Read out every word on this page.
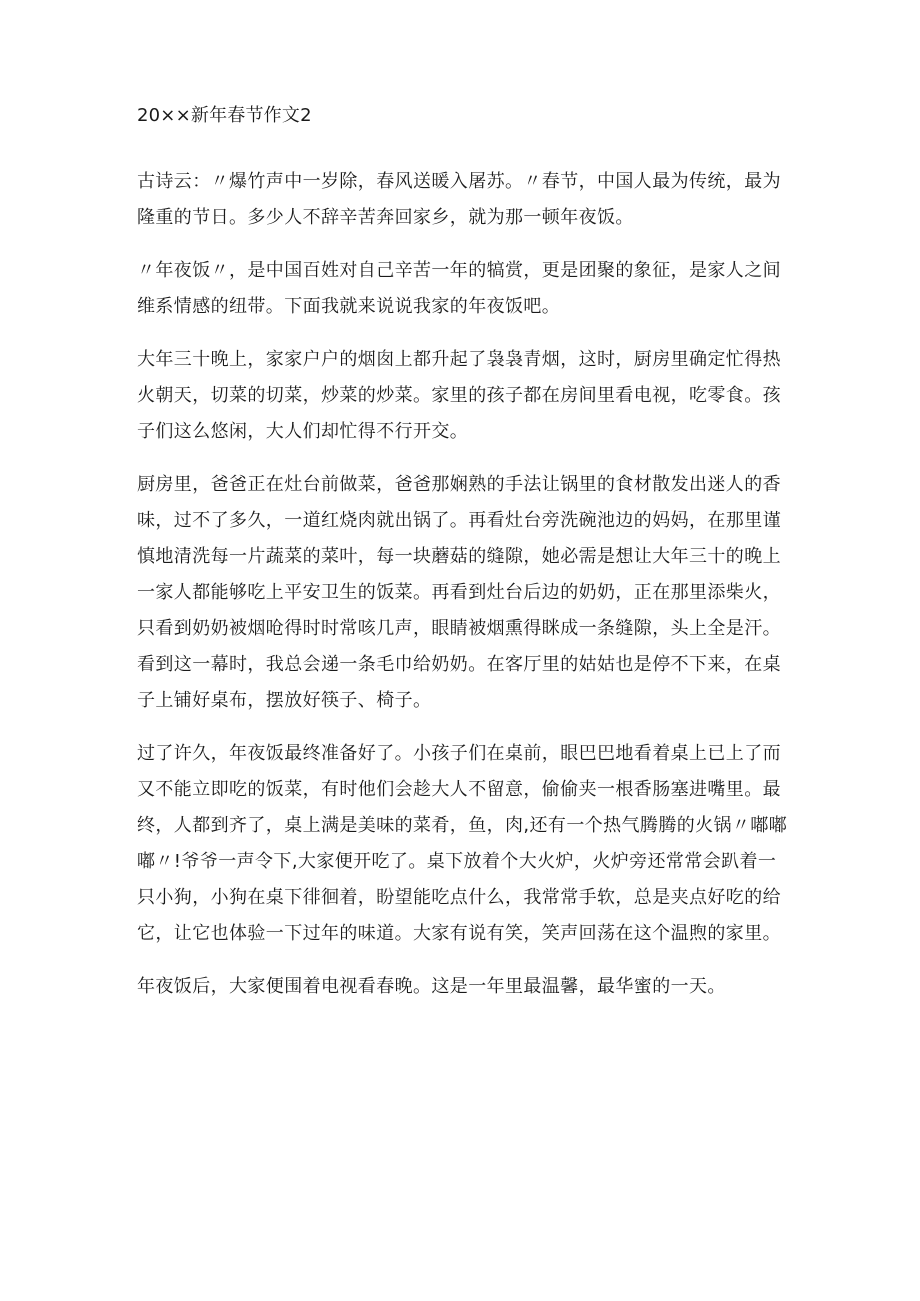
20××新年春节作文2

古诗云：〃爆竹声中一岁除，春风送暖入屠苏。〃春节，中国人最为传统，最为
隆重的节日。多少人不辞辛苦奔回家乡，就为那一顿年夜饭。

〃年夜饭〃，是中国百姓对自己辛苦一年的犒赏，更是团聚的象征，是家人之间
维系情感的纽带。下面我就来说说我家的年夜饭吧。

大年三十晚上，家家户户的烟囱上都升起了袅袅青烟，这时，厨房里确定忙得热
火朝天，切菜的切菜，炒菜的炒菜。家里的孩子都在房间里看电视，吃零食。孩
子们这么悠闲，大人们却忙得不行开交。

厨房里，爸爸正在灶台前做菜，爸爸那娴熟的手法让锅里的食材散发出迷人的香
味，过不了多久，一道红烧肉就出锅了。再看灶台旁洗碗池边的妈妈，在那里谨
慎地清洗每一片蔬菜的菜叶，每一块蘑菇的缝隙，她必需是想让大年三十的晚上
一家人都能够吃上平安卫生的饭菜。再看到灶台后边的奶奶，正在那里添柴火，
只看到奶奶被烟呛得时时常咳几声，眼睛被烟熏得眯成一条缝隙，头上全是汗。
看到这一幕时，我总会递一条毛巾给奶奶。在客厅里的姑姑也是停不下来，在桌
子上铺好桌布，摆放好筷子、椅子。

过了许久，年夜饭最终准备好了。小孩子们在桌前，眼巴巴地看着桌上已上了而
又不能立即吃的饭菜，有时他们会趁大人不留意，偷偷夹一根香肠塞进嘴里。最
终，人都到齐了，桌上满是美味的菜肴，鱼，肉,还有一个热气腾腾的火锅〃嘟嘟
嘟〃!爷爷一声令下,大家便开吃了。桌下放着个大火炉，火炉旁还常常会趴着一
只小狗，小狗在桌下徘徊着，盼望能吃点什么，我常常手软，总是夹点好吃的给
它，让它也体验一下过年的味道。大家有说有笑，笑声回荡在这个温煦的家里。

年夜饭后，大家便围着电视看春晚。这是一年里最温馨，最华蜜的一天。
